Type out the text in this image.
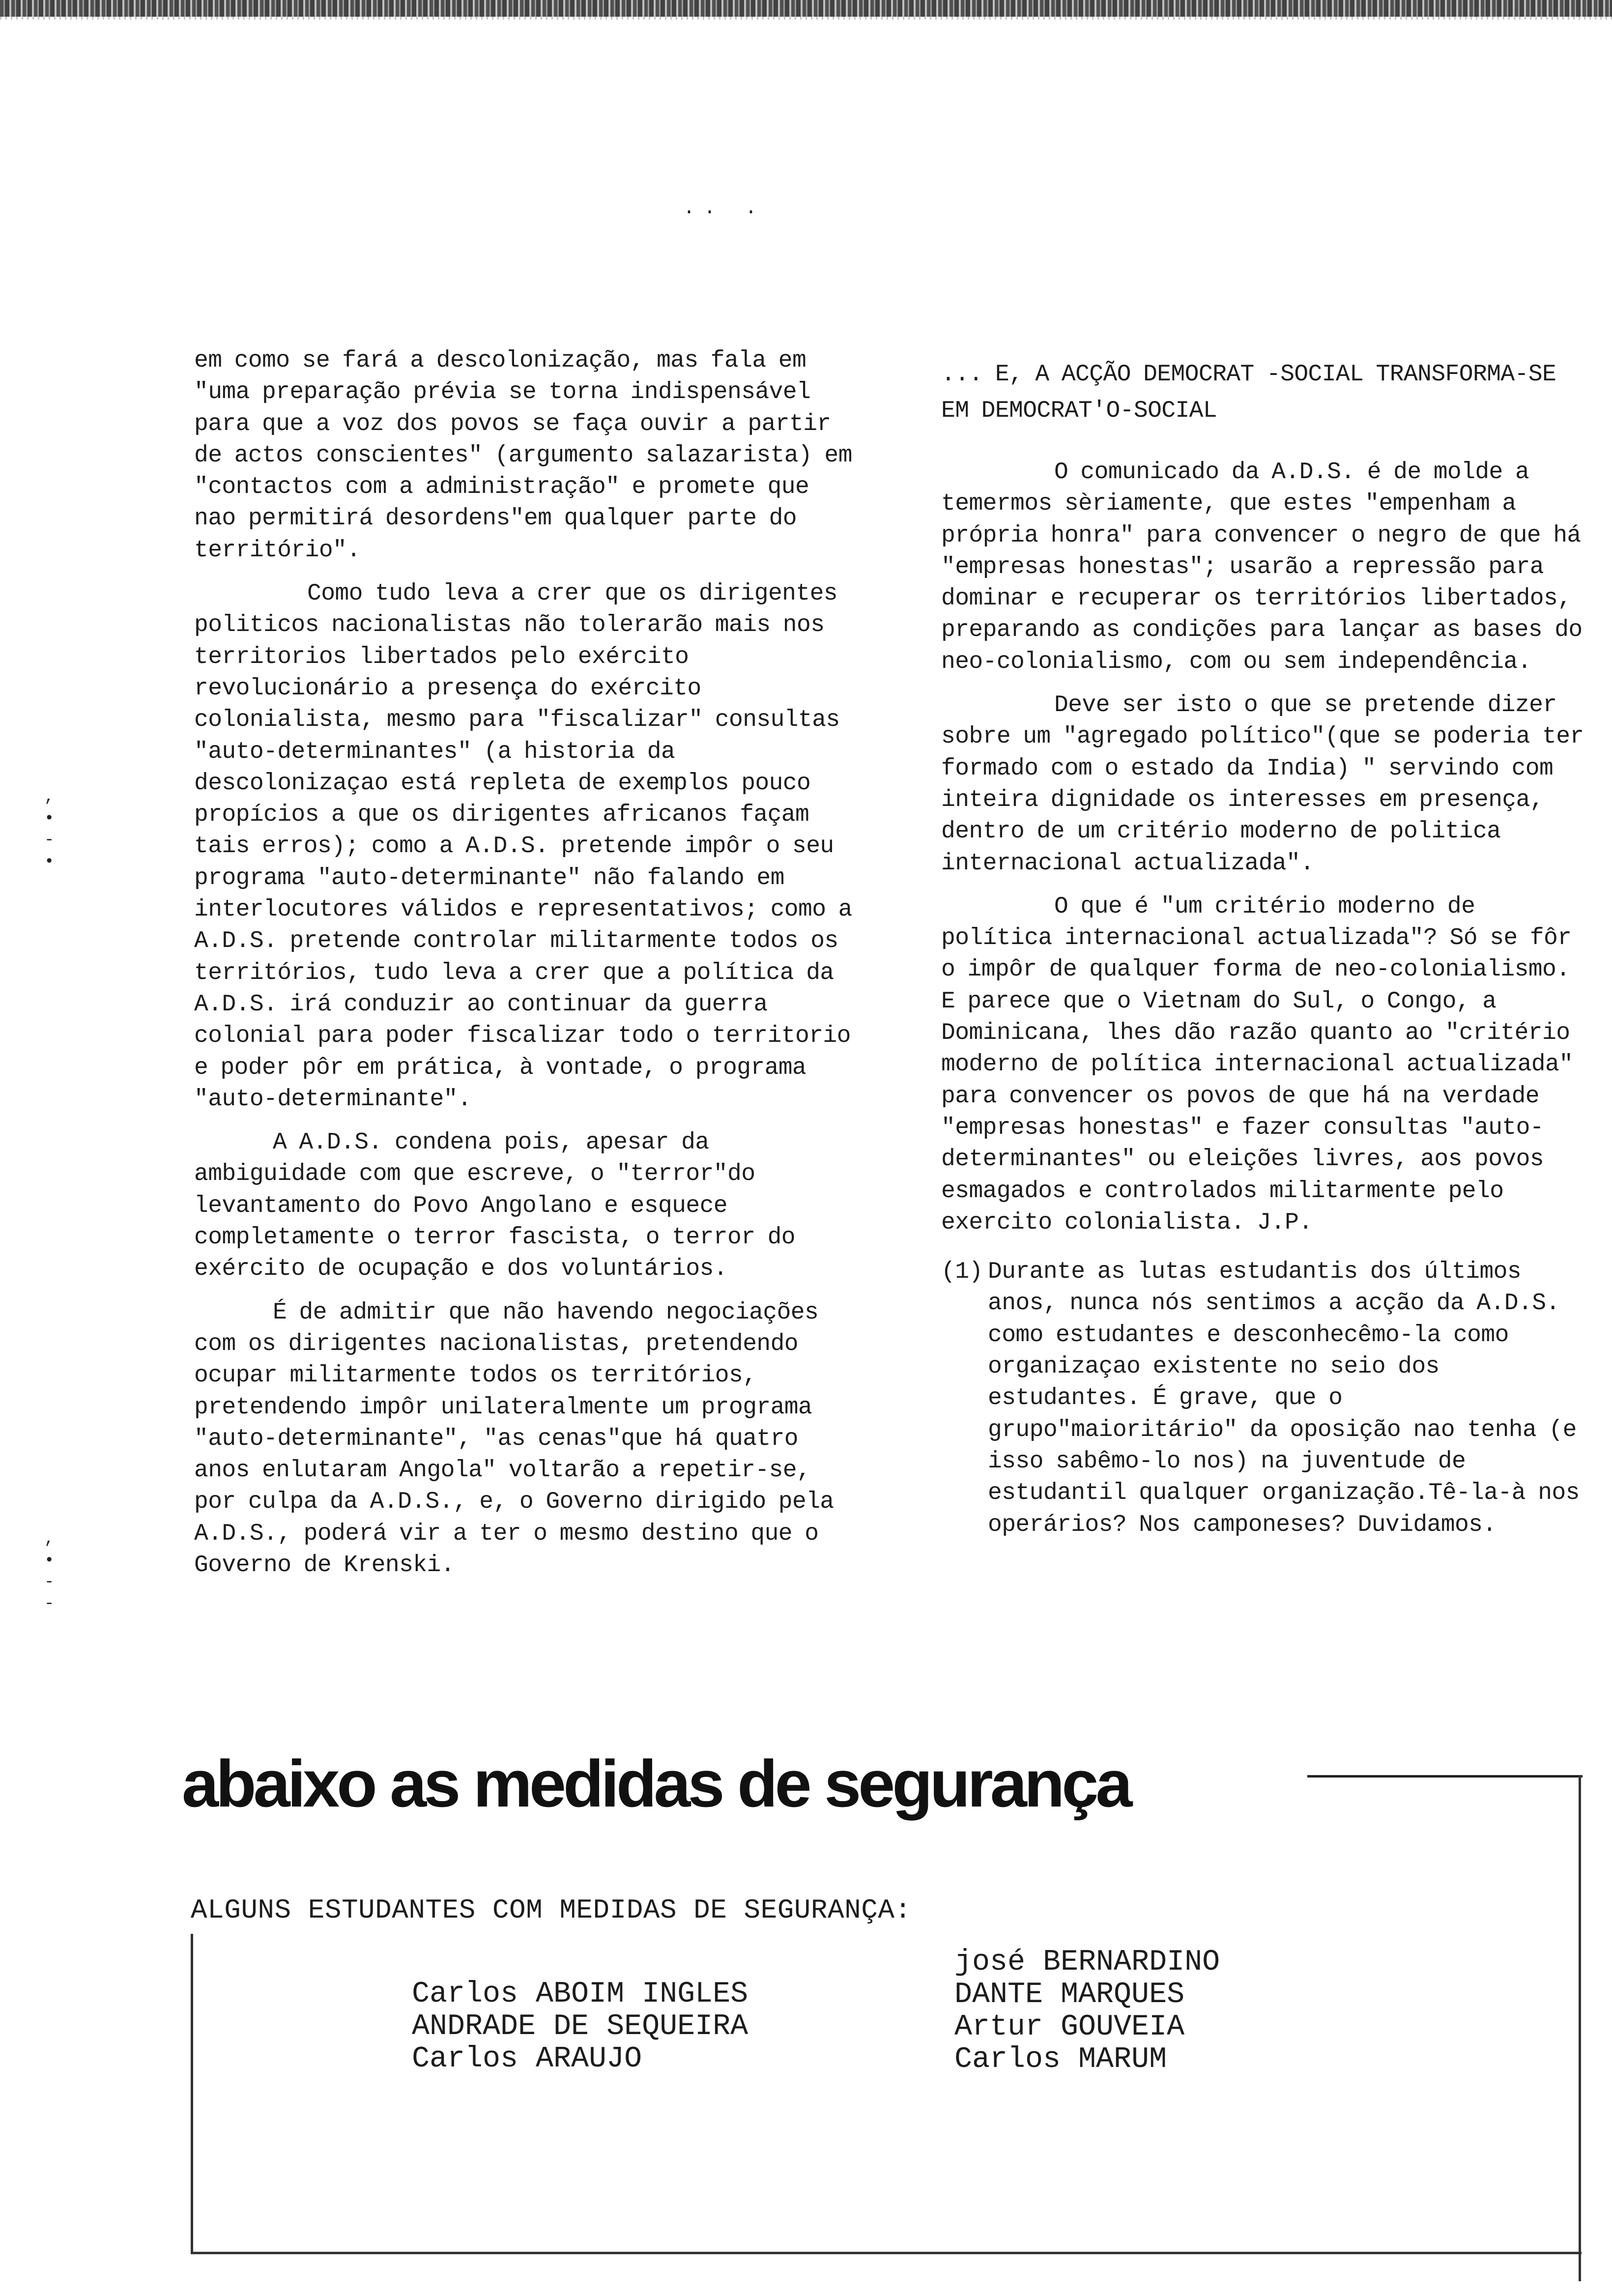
·· ·
,
•
-
•
,
•
-
-

em como se fará a descolonização, mas fala em "uma preparação prévia se torna indispensável para que a voz dos povos se faça ouvir a partir de actos conscientes" (argumento salazarista) em "contactos com a administração" e promete que nao permitirá desordens"em qualquer parte do território".

Como tudo leva a crer que os dirigentes politicos nacionalistas não tolerarão mais nos territorios libertados pelo exército revolucionário a presença do exército colonialista, mesmo para "fiscalizar" consultas "auto-determinantes" (a historia da descolonizaçao está repleta de exemplos pouco propícios a que os dirigentes africanos façam tais erros); como a A.D.S. pretende impôr o seu programa "auto-determinante" não falando em interlocutores válidos e representativos; como a A.D.S. pretende controlar militarmente todos os territórios, tudo leva a crer que a política da A.D.S. irá conduzir ao continuar da guerra colonial para poder fiscalizar todo o territorio e poder pôr em prática, à vontade, o programa "auto-determinante".

A A.D.S. condena pois, apesar da ambiguidade com que escreve, o "terror"do levantamento do Povo Angolano e esquece completamente o terror fascista, o terror do exército de ocupação e dos voluntários.

É de admitir que não havendo negociações com os dirigentes nacionalistas, pretendendo ocupar militarmente todos os territórios, pretendendo impôr unilateralmente um programa "auto-determinante", "as cenas"que há quatro anos enlutaram Angola" voltarão a repetir-se, por culpa da A.D.S., e, o Governo dirigido pela A.D.S., poderá vir a ter o mesmo destino que o Governo de Krenski.

... E, A ACÇÃO DEMOCRAT -SOCIAL TRANSFORMA-SE EM DEMOCRAT'O-SOCIAL

O comunicado da A.D.S. é de molde a temermos sèriamente, que estes "empenham a própria honra" para convencer o negro de que há "empresas honestas"; usarão a repressão para dominar e recuperar os territórios libertados, preparando as condições para lançar as bases do neo-colonialismo, com ou sem independência.

Deve ser isto o que se pretende dizer sobre um "agregado político"(que se poderia ter formado com o estado da India) " servindo com inteira dignidade os interesses em presença, dentro de um critério moderno de politica internacional actualizada".

O que é "um critério moderno de política internacional actualizada"? Só se fôr o impôr de qualquer forma de neo-colonialismo. E parece que o Vietnam do Sul, o Congo, a Dominicana, lhes dão razão quanto ao "critério moderno de política internacional actualizada" para convencer os povos de que há na verdade "empresas honestas" e fazer consultas "auto-determinantes" ou eleições livres, aos povos esmagados e controlados militarmente pelo exercito colonialista. J.P.

(1) Durante as lutas estudantis dos últimos anos, nunca nós sentimos a acção da A.D.S. como estudantes e desconhecêmo-la como organizaçao existente no seio dos estudantes. É grave, que o grupo"maioritário" da oposição nao tenha (e isso sabêmo-lo nos) na juventude de estudantil qualquer organização.Tê-la-à nos operários? Nos camponeses? Duvidamos.
abaixo as medidas de segurança

ALGUNS ESTUDANTES COM MEDIDAS DE SEGURANÇA:

Carlos ABOIM INGLES
ANDRADE DE SEQUEIRA
Carlos ARAUJO
josé BERNARDINO
DANTE MARQUES
Artur GOUVEIA
Carlos MARUM
